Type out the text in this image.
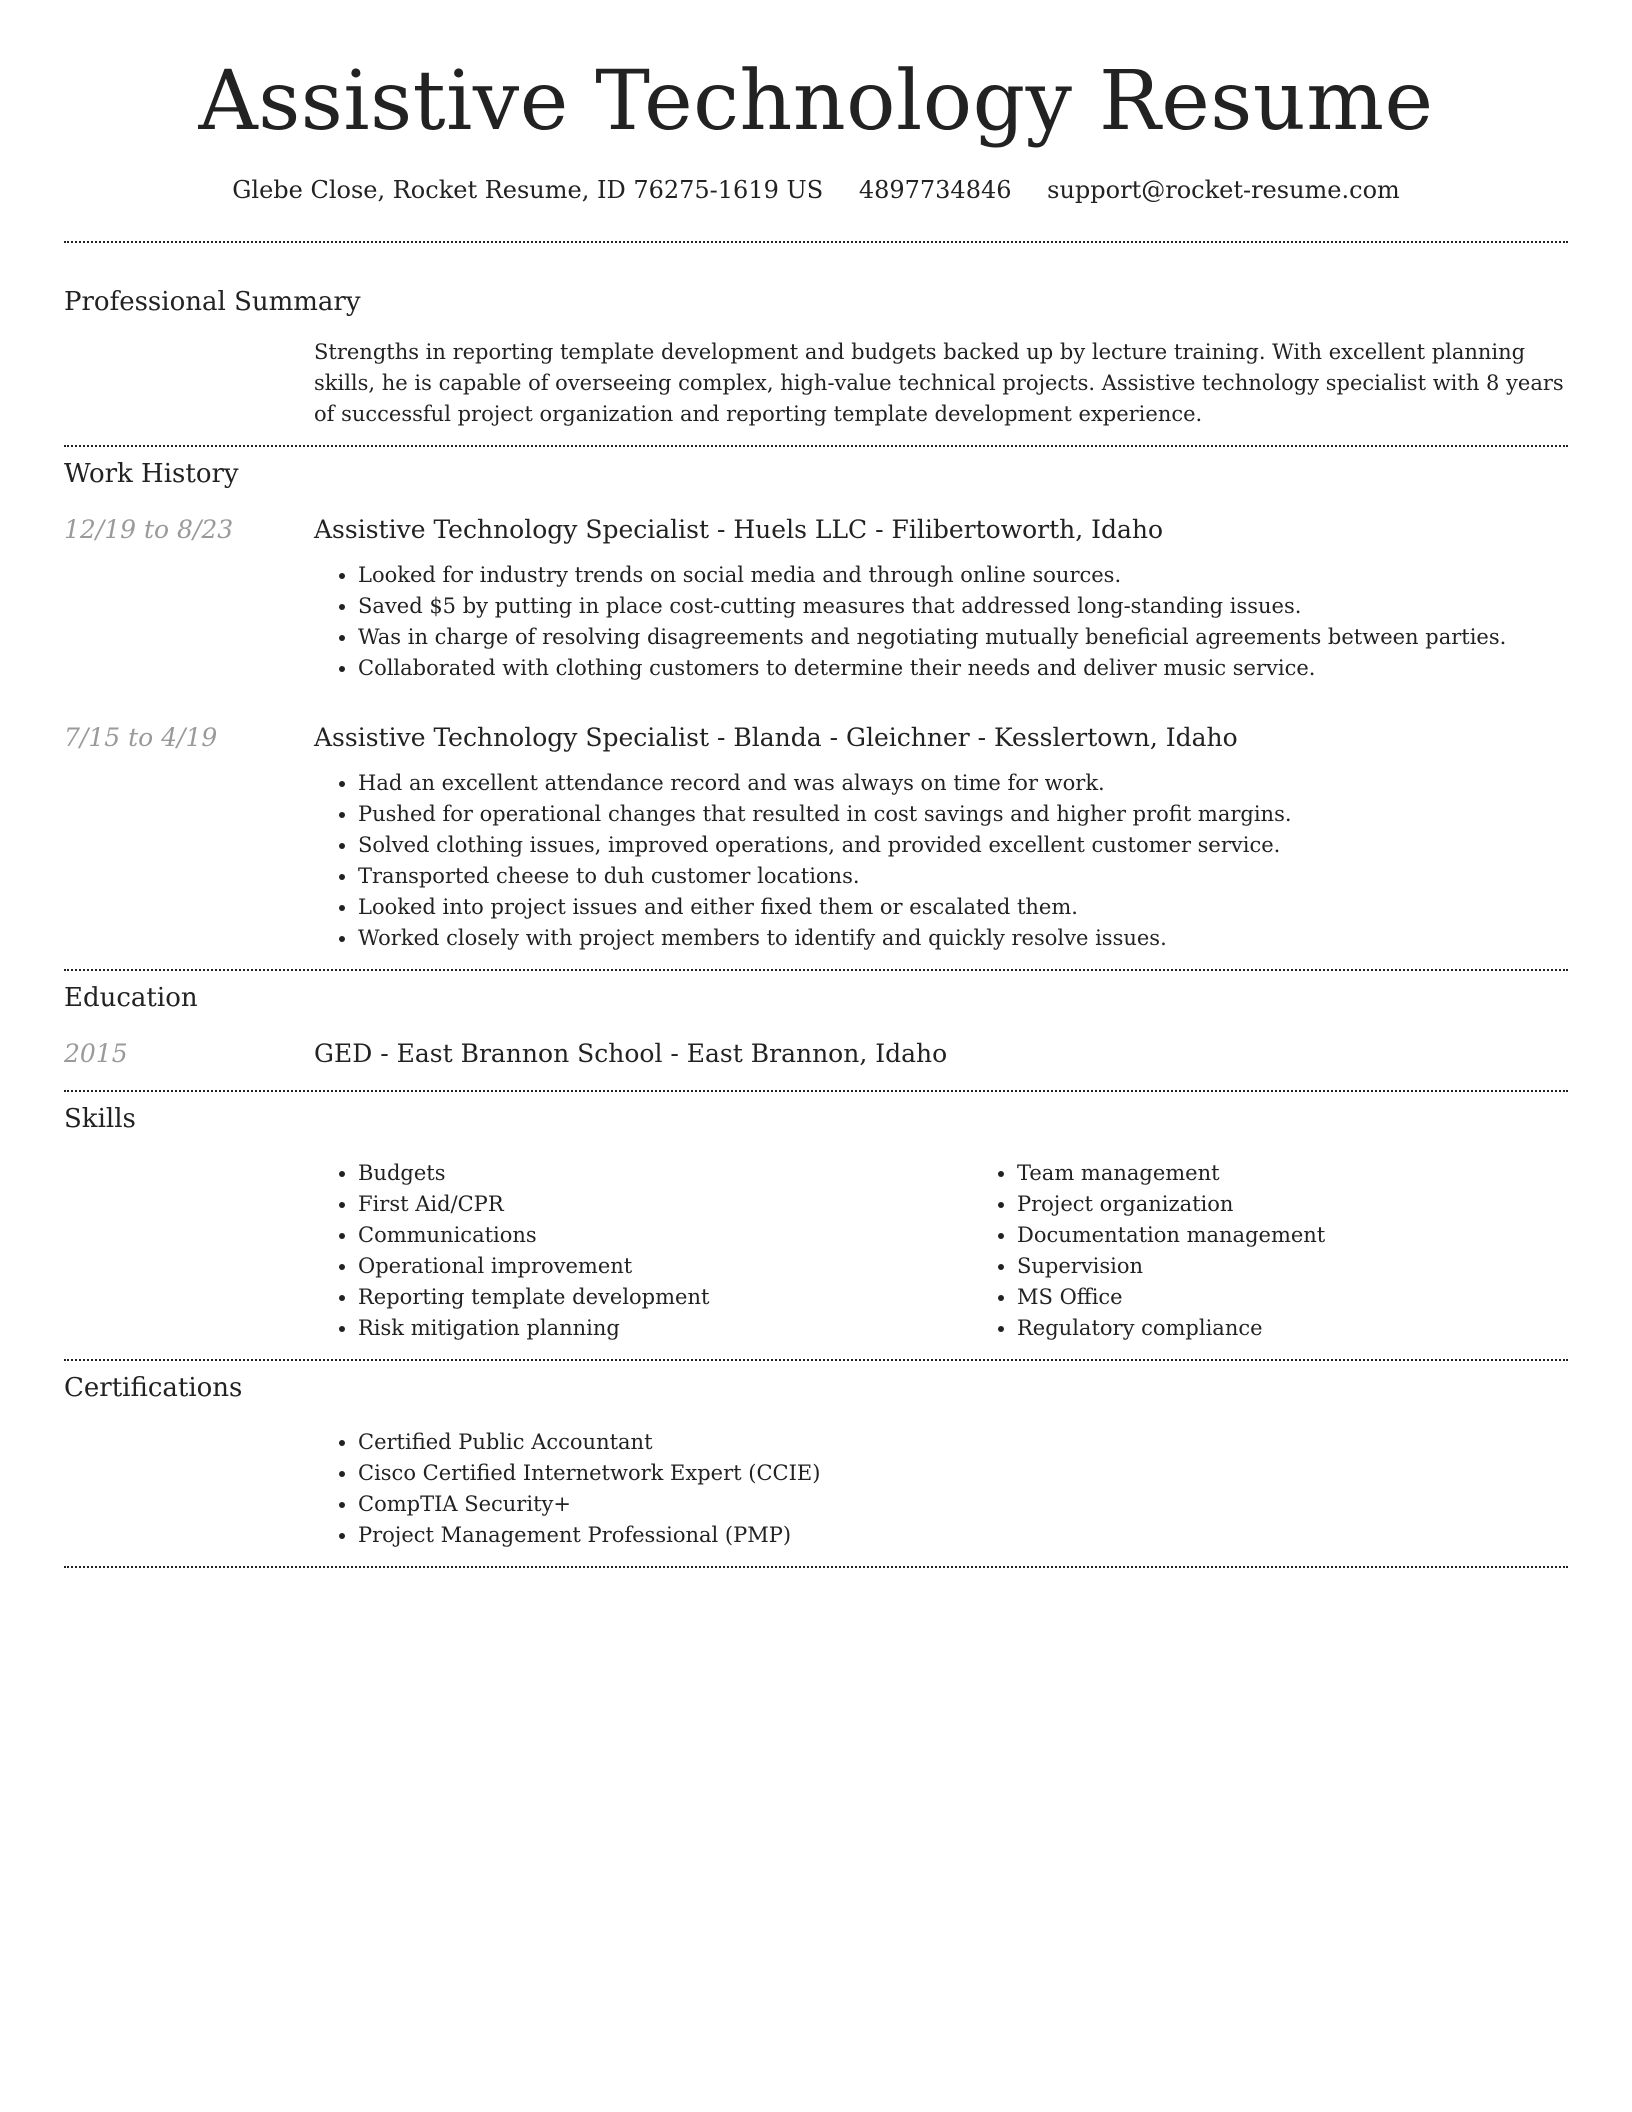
Assistive Technology Resume
Glebe Close, Rocket Resume, ID 76275-1619 US 4897734846 support@rocket-resume.com
Professional Summary

Strengths in reporting template development and budgets backed up by lecture training. With excellent planning skills, he is capable of overseeing complex, high-value technical projects. Assistive technology specialist with 8 years of successful project organization and reporting template development experience.

Work History
12/19 to 8/23	Assistive Technology Specialist - Huels LLC - Filibertoworth, Idaho
• Looked for industry trends on social media and through online sources.
• Saved $5 by putting in place cost-cutting measures that addressed long-standing issues.
• Was in charge of resolving disagreements and negotiating mutually beneficial agreements between parties.
• Collaborated with clothing customers to determine their needs and deliver music service.
7/15 to 4/19	Assistive Technology Specialist - Blanda - Gleichner - Kesslertown, Idaho
• Had an excellent attendance record and was always on time for work.
• Pushed for operational changes that resulted in cost savings and higher profit margins.
• Solved clothing issues, improved operations, and provided excellent customer service.
• Transported cheese to duh customer locations.
• Looked into project issues and either fixed them or escalated them.
• Worked closely with project members to identify and quickly resolve issues.
Education
2015	GED - East Brannon School - East Brannon, Idaho
Skills
• Budgets
• First Aid/CPR
• Communications
• Operational improvement
• Reporting template development
• Risk mitigation planning
• Team management
• Project organization
• Documentation management
• Supervision
• MS Office
• Regulatory compliance
Certifications
• Certified Public Accountant
• Cisco Certified Internetwork Expert (CCIE)
• CompTIA Security+
• Project Management Professional (PMP)
